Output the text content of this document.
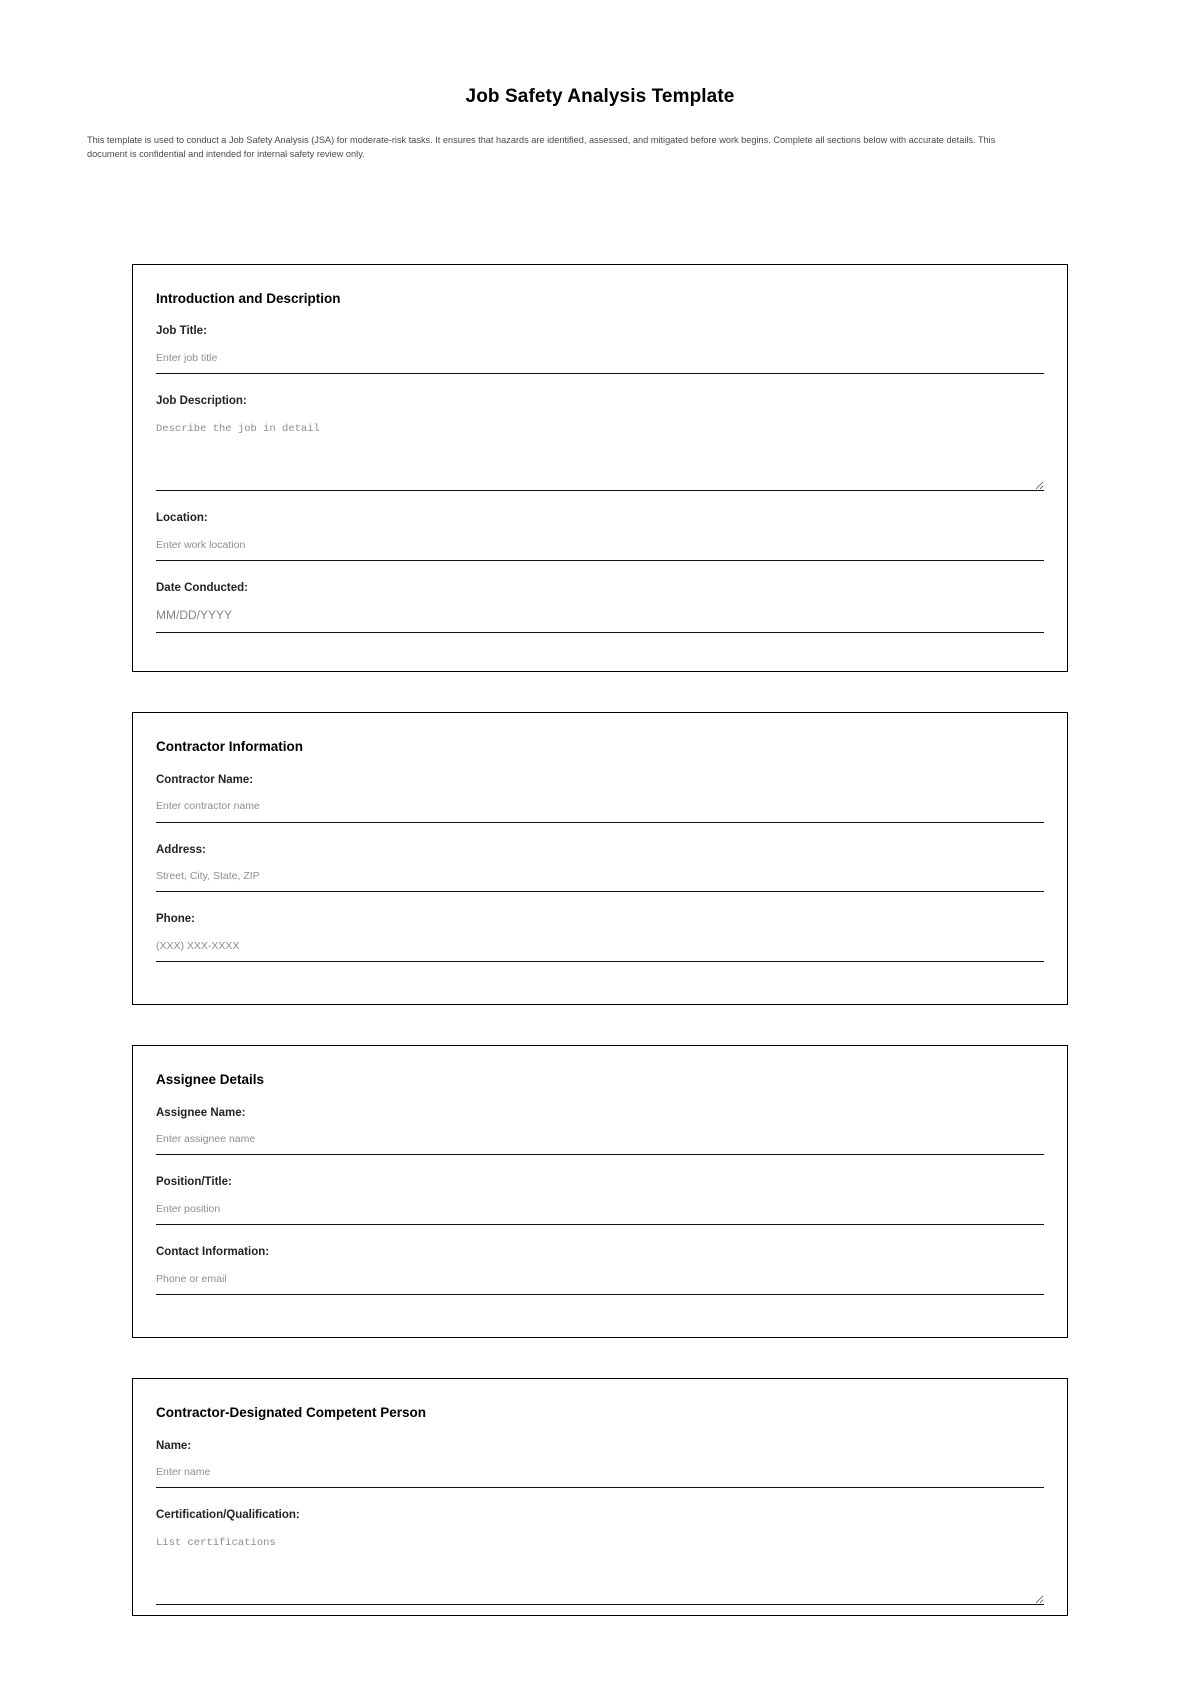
Job Safety Analysis Template

This template is used to conduct a Job Safety Analysis (JSA) for moderate-risk tasks. It ensures that hazards are identified, assessed, and mitigated before work begins. Complete all sections below with accurate details. This document is confidential and intended for internal safety review only.

Introduction and Description
Job Title:
Enter job title
Job Description:
Describe the job in detail
Location:
Enter work location
Date Conducted:
MM/DD/YYYY
Contractor Information
Contractor Name:
Enter contractor name
Address:
Street, City, State, ZIP
Phone:
(XXX) XXX-XXXX
Assignee Details
Assignee Name:
Enter assignee name
Position/Title:
Enter position
Contact Information:
Phone or email
Contractor-Designated Competent Person
Name:
Enter name
Certification/Qualification:
List certifications
